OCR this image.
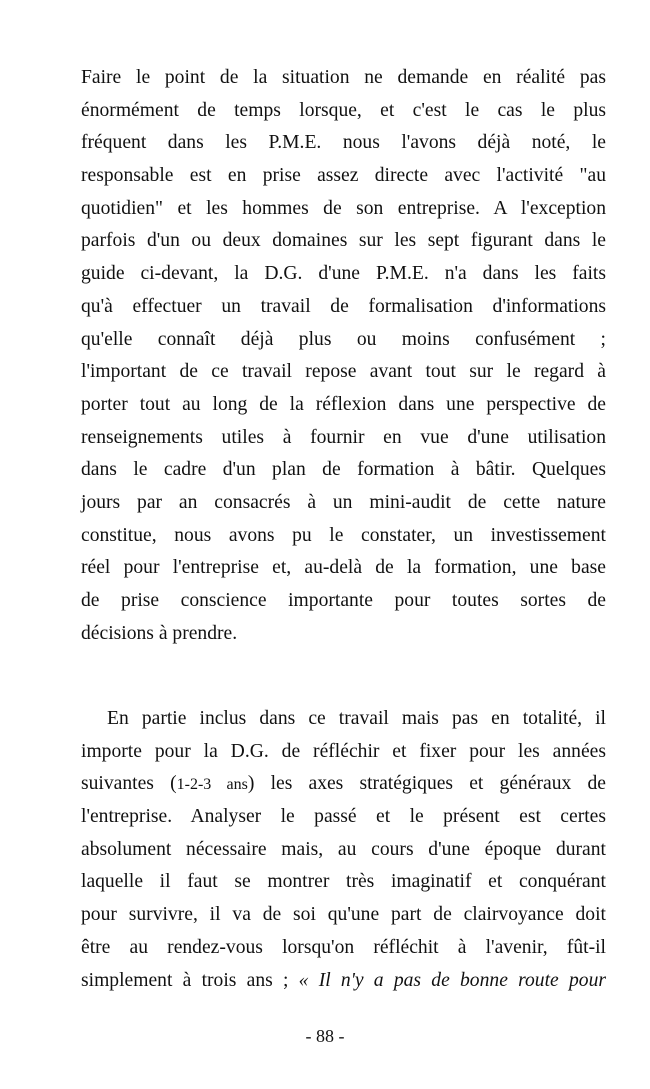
Faire le point de la situation ne demande en réalité pas
énormément de temps lorsque, et c'est le cas le plus
fréquent dans les P.M.E. nous l'avons déjà noté, le
responsable est en prise assez directe avec l'activité "au
quotidien" et les hommes de son entreprise. A l'exception
parfois d'un ou deux domaines sur les sept figurant dans le
guide ci-devant, la D.G. d'une P.M.E. n'a dans les faits
qu'à effectuer un travail de formalisation d'informations
qu'elle connaît déjà plus ou moins confusément ;
l'important de ce travail repose avant tout sur le regard à
porter tout au long de la réflexion dans une perspective de
renseignements utiles à fournir en vue d'une utilisation
dans le cadre d'un plan de formation à bâtir. Quelques
jours par an consacrés à un mini-audit de cette nature
constitue, nous avons pu le constater, un investissement
réel pour l'entreprise et, au-delà de la formation, une base
de prise conscience importante pour toutes sortes de
décisions à prendre.
En partie inclus dans ce travail mais pas en totalité, il
importe pour la D.G. de réfléchir et fixer pour les années
suivantes (1-2-3 ans) les axes stratégiques et généraux de
l'entreprise. Analyser le passé et le présent est certes
absolument nécessaire mais, au cours d'une époque durant
laquelle il faut se montrer très imaginatif et conquérant
pour survivre, il va de soi qu'une part de clairvoyance doit
être au rendez-vous lorsqu'on réfléchit à l'avenir, fût-il
simplement à trois ans ; « Il n'y a pas de bonne route pour
- 88 -
